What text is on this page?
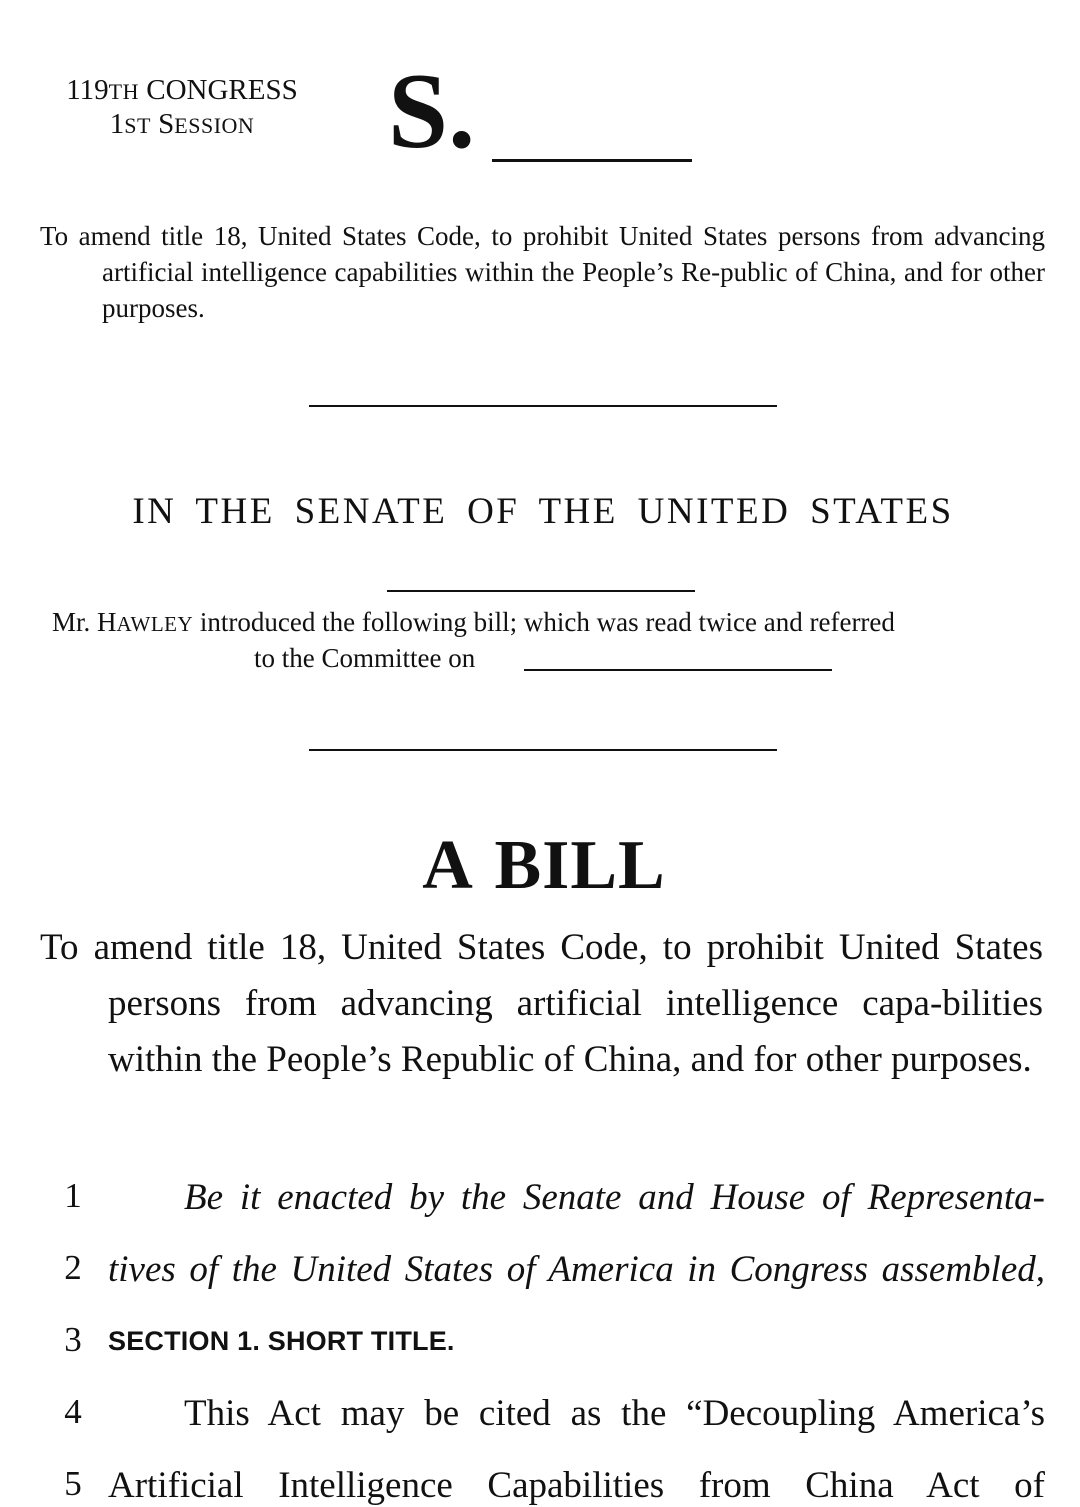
119TH CONGRESS
1ST SESSION	S.
To amend title 18, United States Code, to prohibit United States persons from advancing artificial intelligence capabilities within the People’s Re-public of China, and for other purposes.
IN THE SENATE OF THE UNITED STATES
Mr. HAWLEY introduced the following bill; which was read twice and referred
to the Committee on
A BILL
To amend title 18, United States Code, to prohibit United States persons from advancing artificial intelligence capa-bilities within the People’s Republic of China, and for other purposes.
1	Be it enacted by the Senate and House of Representa-
2 tives of the United States of America in Congress assembled,
3 SECTION 1. SHORT TITLE.
4	This Act may be cited as the “Decoupling America’s
5 Artificial Intelligence Capabilities from China Act of
